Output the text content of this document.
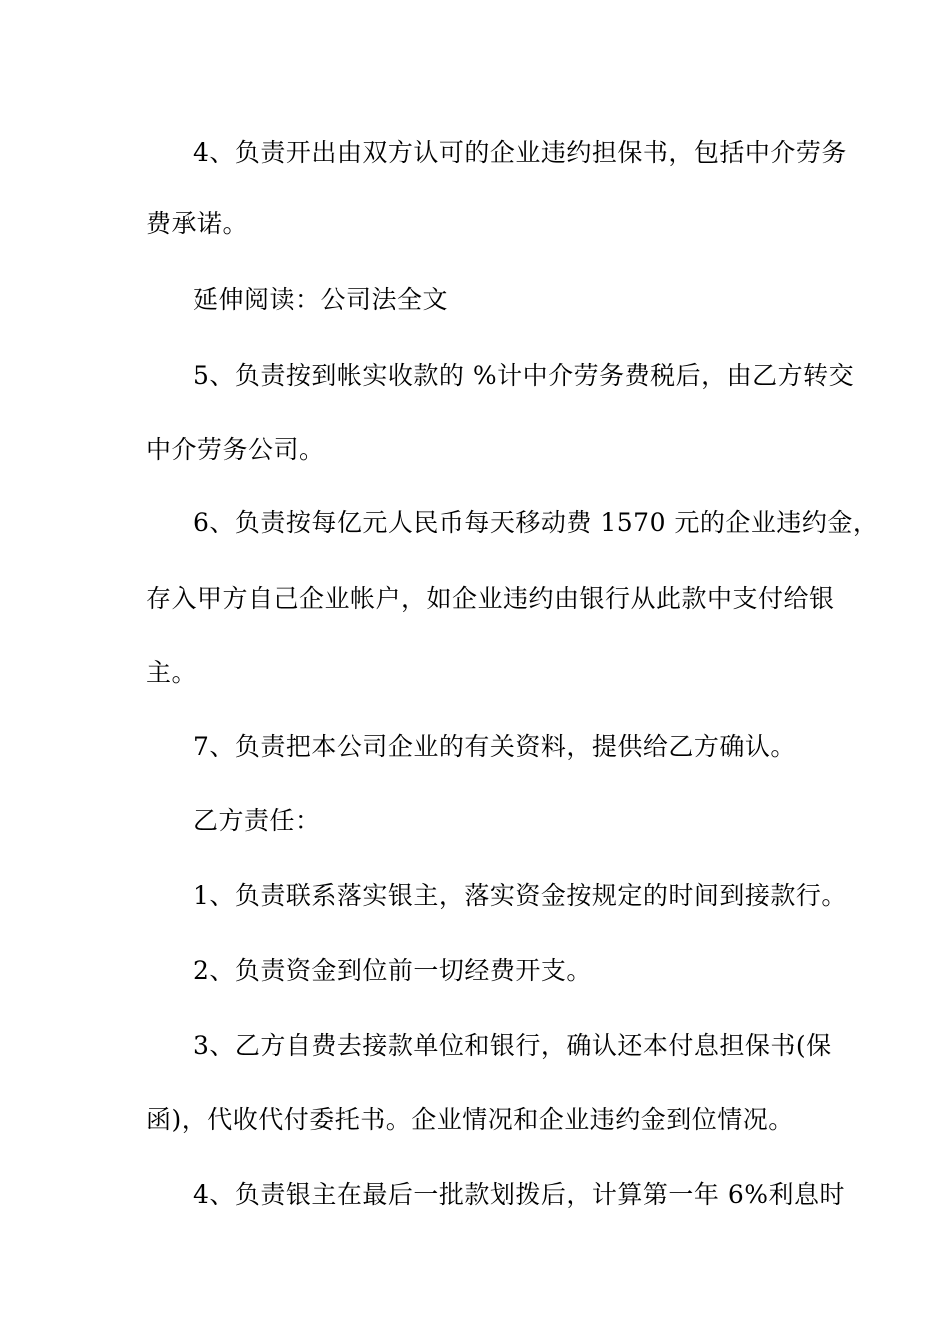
4、负责开出由双方认可的企业违约担保书，包括中介劳务
费承诺。
延伸阅读：公司法全文
5、负责按到帐实收款的 %计中介劳务费税后，由乙方转交
中介劳务公司。
6、负责按每亿元人民币每天移动费 1570 元的企业违约金，
存入甲方自己企业帐户，如企业违约由银行从此款中支付给银
主。
7、负责把本公司企业的有关资料，提供给乙方确认。
乙方责任：
1、负责联系落实银主，落实资金按规定的时间到接款行。
2、负责资金到位前一切经费开支。
3、乙方自费去接款单位和银行，确认还本付息担保书(保
函)，代收代付委托书。企业情况和企业违约金到位情况。
4、负责银主在最后一批款划拨后，计算第一年 6%利息时
